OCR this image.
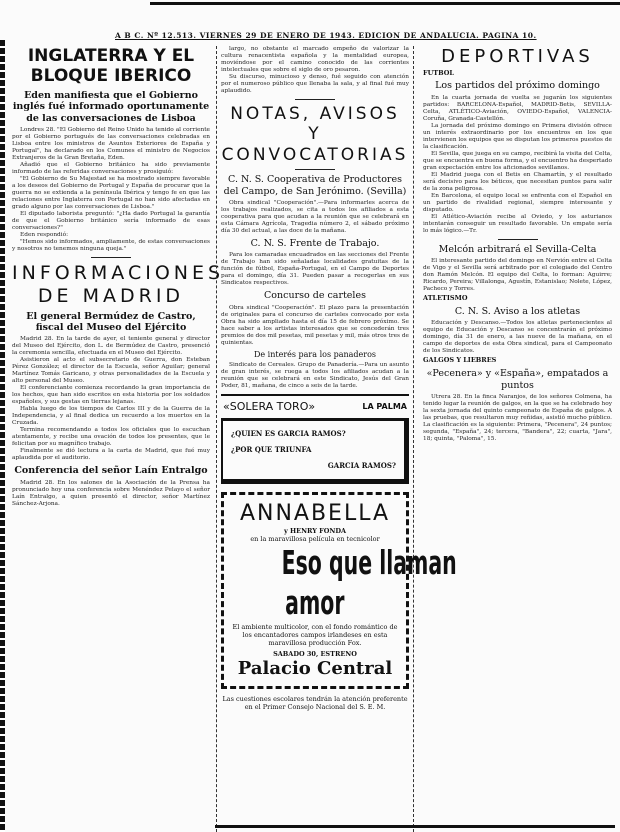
A B C. Nº 12.513. VIERNES 29 DE ENERO DE 1943. EDICION DE ANDALUCIA. PAGINA 10.
INGLATERRA Y EL BLOQUE IBERICO
Eden manifiesta que el Gobierno inglés fué informado oportunamente de las conversaciones de Lisboa

Londres 28. "El Gobierno del Reino Unido ha tenido al corriente por el Gobierno portugués de las conversaciones celebradas en Lisboa entre los ministros de Asuntos Exteriores de España y Portugal", ha declarado en los Comunes el ministro de Negocios Extranjeros de la Gran Bretaña, Eden.

Añadió que el Gobierno británico ha sido previamente informado de las referidas conversaciones y prosiguió:

"El Gobierno de Su Majestad se ha mostrado siempre favorable a los deseos del Gobierno de Portugal y España de procurar que la guerra no se extienda a la península Ibérica y tengo fe en que las relaciones entre Inglaterra con Portugal no han sido afectadas en grado alguno por las conversaciones de Lisboa."

El diputado laborista preguntó: "¿Ha dado Portugal la garantía de que el Gobierno británico sería informado de esas conversaciones?"

Eden respondió:

"Hemos sido informados, ampliamente, de estas conversaciones y nosotros no tenemos ninguna queja."

INFORMACIONES DE MADRID
El general Bermúdez de Castro, fiscal del Museo del Ejército

Madrid 28. En la tarde de ayer, el teniente general y director del Museo del Ejército, don L. de Bermúdez de Castro, presenció la ceremonia sencilla, efectuada en el Museo del Ejército.

Asistieron al acto el subsecretario de Guerra, don Esteban Pérez González; el director de la Escuela, señor Aguilar; general Martínez Tomás Garicano, y otras personalidades de la Escuela y alto personal del Museo.

El conferenciante comienza recordando la gran importancia de los hechos, que han sido escritos en esta historia por los soldados españoles, y sus gestas en tierras lejanas.

Habla luego de los tiempos de Carlos III y de la Guerra de la Independencia, y al final dedica un recuerdo a los muertos en la Cruzada.

Termina recomendando a todos los oficiales que lo escuchan atentamente, y recibe una ovación de todos los presentes, que le felicitan por su magnífico trabajo.

Finalmente se dió lectura a la carta de Madrid, que fué muy aplaudida por el auditorio.

Conferencia del señor Laín Entralgo

Madrid 28. En los salones de la Asociación de la Prensa ha pronunciado hoy una conferencia sobre Menéndez Pelayo el señor Laín Entralgo, a quien presentó el director, señor Martínez Sánchez-Arjona.

largo, no obstante el marcado empeño de valorizar la cultura renacentista española y la mentalidad europea, moviéndose por el camino conocido de las corrientes intelectuales que sobre el siglo de oro pesaron.

Su discurso, minucioso y denso, fué seguido con atención por el numeroso público que llenaba la sala, y al final fué muy aplaudido.

NOTAS, AVISOS Y CONVOCATORIAS
C. N. S. Cooperativa de Productores del Campo, de San Jerónimo. (Sevilla)

Obra sindical "Cooperación".—Para informarles acerca de los trabajos realizados, se cita a todos los afiliados a esta cooperativa para que acudan a la reunión que se celebrará en esta Cámara Agrícola, Tragedia número 2, el sábado próximo día 30 del actual, a las doce de la mañana.

C. N. S. Frente de Trabajo.

Para los camaradas encuadrados en las secciones del Frente de Trabajo han sido señaladas localidades gratuitas de la función de fútbol, España-Portugal, en el Campo de Deportes para el domingo, día 31. Pueden pasar a recogerlas en sus Sindicatos respectivos.

Concurso de carteles

Obra sindical "Cooperación". El plazo para la presentación de originales para el concurso de carteles convocado por esta Obra ha sido ampliado hasta el día 15 de febrero próximo. Se hace saber a los artistas interesados que se concederán tres premios de dos mil pesetas, mil pesetas y mil, más otros tres de quinientas.

De interés para los panaderos

Sindicato de Cereales. Grupo de Panadería.—Para un asunto de gran interés, se ruega a todos los afiliados acudan a la reunión que se celebrará en este Sindicato, Jesús del Gran Poder, 81, mañana, de cinco a seis de la tarde.

«SOLERA TORO»	LA PALMA
¿QUIEN ES GARCIA RAMOS?
¿POR QUE TRIUNFA
GARCIA RAMOS?
ANNABELLA
y HENRY FONDA
en la maravillosa película en tecnicolor
Eso que llaman
amor
El ambiente multicolor, con el fondo romántico de los encantadores campos irlandeses en esta maravillosa producción Fox.
SABADO 30, ESTRENO
Palacio Central
Las cuestiones escolares tendrán la atención preferente en el Primer Consejo Nacional del S. E. M.
DEPORTIVAS
FUTBOL
Los partidos del próximo domingo

En la cuarta jornada de vuelta se jugarán los siguientes partidos: BARCELONA-Español, MADRID-Betis, SEVILLA-Celta, ATLÉTICO-Aviación, OVIEDO-Español, VALENCIA-Coruña, Granada-Castellón.

La jornada del próximo domingo en Primera división ofrece un interés extraordinario por los encuentros en los que intervienen los equipos que se disputan los primeros puestos de la clasificación.

El Sevilla, que juega en su campo, recibirá la visita del Celta, que se encuentra en buena forma, y el encuentro ha despertado gran expectación entre los aficionados sevillanos.

El Madrid juega con el Betis en Chamartín, y el resultado será decisivo para los béticos, que necesitan puntos para salir de la zona peligrosa.

En Barcelona, el equipo local se enfrenta con el Español en un partido de rivalidad regional, siempre interesante y disputado.

El Atlético-Aviación recibe al Oviedo, y los asturianos intentarán conseguir un resultado favorable. Un empate sería lo más lógico.—Tr.

Melcón arbitrará el Sevilla-Celta

El interesante partido del domingo en Nervión entre el Celta de Vigo y el Sevilla será arbitrado por el colegiado del Centro don Ramón Melcón. El equipo del Celta, lo forman: Aguirre; Ricardo, Pereira; Villalonga, Agustín, Estanislao; Nolete, López, Pacheco y Torres.

ATLETISMO
C. N. S. Aviso a los atletas

Educación y Descanso.—Todos los atletas pertenecientes al equipo de Educación y Descanso se concentrarán el próximo domingo, día 31 de enero, a las nueve de la mañana, en el campo de deportes de esta Obra sindical, para el Campeonato de los Sindicatos.

GALGOS Y LIEBRES
«Pecenera» y «España», empatados a puntos

Utrera 28. En la finca Naranjos, de los señores Colmena, ha tenido lugar la reunión de galgos, en la que se ha celebrado hoy la sexta jornada del quinto campeonato de España de galgos. A las pruebas, que resultaron muy reñidas, asistió mucho público. La clasificación es la siguiente: Primera, "Pecenera", 24 puntos; segunda, "España", 24; tercera, "Bandera", 22; cuarta, "Jara", 18; quinta, "Paloma", 15.
